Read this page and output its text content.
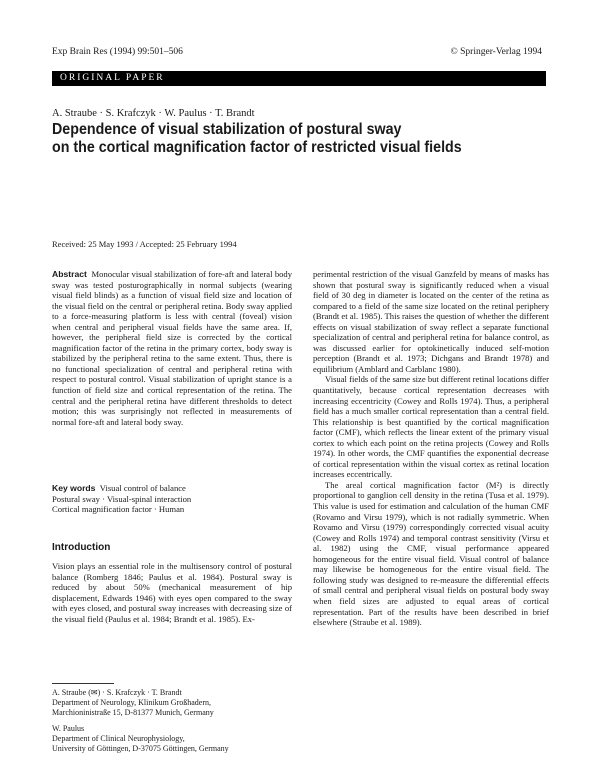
Exp Brain Res (1994) 99:501–506	© Springer-Verlag 1994
ORIGINAL PAPER
A. Straube · S. Krafczyk · W. Paulus · T. Brandt
Dependence of visual stabilization of postural sway
on the cortical magnification factor of restricted visual fields
Received: 25 May 1993 / Accepted: 25 February 1994

Abstract Monocular visual stabilization of fore-aft and lateral body sway was tested posturographically in normal subjects (wearing visual field blinds) as a function of visual field size and location of the visual field on the central or peripheral retina. Body sway applied to a force-measuring platform is less with central (foveal) vision when central and peripheral visual fields have the same area. If, however, the peripheral field size is corrected by the cortical magnification factor of the retina in the primary cortex, body sway is stabilized by the peripheral retina to the same extent. Thus, there is no functional specialization of central and peripheral retina with respect to postural control. Visual stabilization of upright stance is a function of field size and cortical representation of the retina. The central and the peripheral retina have different thresholds to detect motion; this was surprisingly not reflected in measurements of normal fore-aft and lateral body sway.

Key words Visual control of balance
Postural sway · Visual-spinal interaction
Cortical magnification factor · Human
Introduction

Vision plays an essential role in the multisensory control of postural balance (Romberg 1846; Paulus et al. 1984). Postural sway is reduced by about 50% (mechanical measurement of hip displacement, Edwards 1946) with eyes open compared to the sway with eyes closed, and postural sway increases with decreasing size of the visual field (Paulus et al. 1984; Brandt et al. 1985). Ex-

A. Straube (✉) · S. Krafczyk · T. Brandt
Department of Neurology, Klinikum Großhadern,
Marchioninistraße 15, D-81377 Munich, Germany
W. Paulus
Department of Clinical Neurophysiology,
University of Göttingen, D-37075 Göttingen, Germany

perimental restriction of the visual Ganzfeld by means of masks has shown that postural sway is significantly reduced when a visual field of 30 deg in diameter is located on the center of the retina as compared to a field of the same size located on the retinal periphery (Brandt et al. 1985). This raises the question of whether the different effects on visual stabilization of sway reflect a separate functional specialization of central and peripheral retina for balance control, as was discussed earlier for optokinetically induced self-motion perception (Brandt et al. 1973; Dichgans and Brandt 1978) and equilibrium (Amblard and Carblanc 1980).

Visual fields of the same size but different retinal locations differ quantitatively, because cortical representation decreases with increasing eccentricity (Cowey and Rolls 1974). Thus, a peripheral field has a much smaller cortical representation than a central field. This relationship is best quantified by the cortical magnification factor (CMF), which reflects the linear extent of the primary visual cortex to which each point on the retina projects (Cowey and Rolls 1974). In other words, the CMF quantifies the exponential decrease of cortical representation within the visual cortex as retinal location increases eccentrically.

The areal cortical magnification factor (M²) is directly proportional to ganglion cell density in the retina (Tusa et al. 1979). This value is used for estimation and calculation of the human CMF (Rovamo and Virsu 1979), which is not radially symmetric. When Rovamo and Virsu (1979) correspondingly corrected visual acuity (Cowey and Rolls 1974) and temporal contrast sensitivity (Virsu et al. 1982) using the CMF, visual performance appeared homogeneous for the entire visual field. Visual control of balance may likewise be homogeneous for the entire visual field. The following study was designed to re-measure the differential effects of small central and peripheral visual fields on postural body sway when field sizes are adjusted to equal areas of cortical representation. Part of the results have been described in brief elsewhere (Straube et al. 1989).
